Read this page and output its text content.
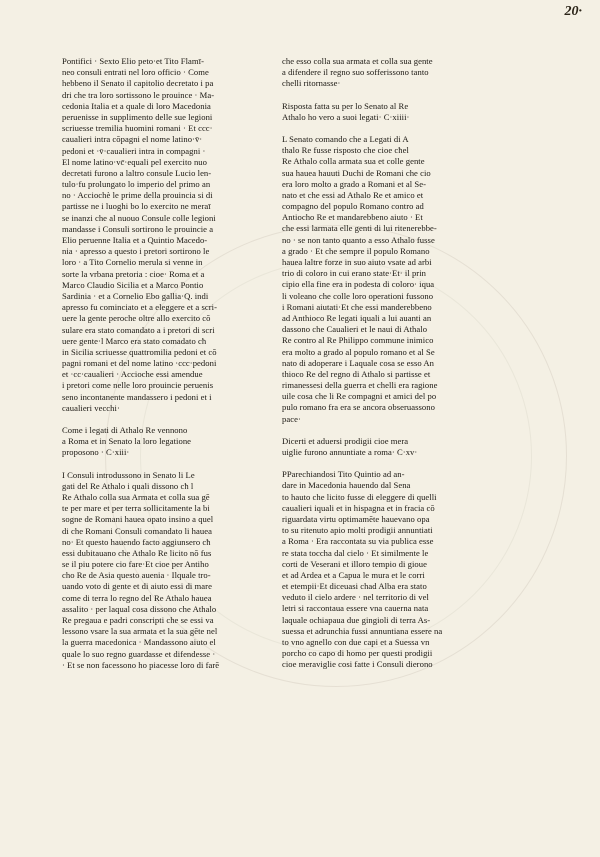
20·
Pontifici · Sexto Elio peto·et Tito Flamī-
neo consuli entrati nel loro officio · Come
hebbeno il Senato il capitolio decretato i pa
dri che tra loro sortissono le prouince · Ma-
cedonia Italia et a quale di loro Macedonia
peruenisse in supplimento delle sue legioni
scriuesse tremilia huomini romani · Et ccc·
caualieri intra cōpagni el nome latino·v̄·
pedoni et ·v̄·caualieri intra in compagni ·
El nome latino·vc̄·equali pel exercito nuo
decretati furono a laltro consule Lucio len-
tulo·fu prolungato lo imperio del primo an
no · Acciochè le prime della prouincia si di
partisse ne i luoghi bo lo exercito ne meraī
se inanzi che al nuouo Consule colle legioni
mandasse i Consuli sortirono le prouincie a
Elio peruenne Italia et a Quintio Macedo-
nia · apresso a questo i pretori sortirono le
loro · a Tito Cornelio merula si venne in
sorte la vrbana pretoria : cioe· Roma et a
Marco Claudio Sicilia et a Marco Pontio
Sardinia · et a Cornelio Ebo gallia·Q. indi
apresso fu cominciato et a eleggere et a scri-
uere la gente peroche oltre allo exercito cō
sulare era stato comandato a i pretori di scri
uere gente·l Marco era stato comadato cħ
in Sicilia scriuesse quattromilia pedoni et cō
pagni romani et del nome latino ·ccc·pedoni
et ·cc·caualieri · Accioche essi amendue
i pretori come nelle loro prouincie peruenis
seno incontanente mandassero i pedoni et i
caualieri vecchi·
Come i legati di Athalo Re vennono
a Roma et in Senato la loro legatione
proposono · C·xiii·
I Consuli introdussono in Senato li Le
gati del Re Athalo i quali dissono cħ l
Re Athalo colla sua Armata et colla sua gē
te per mare et per terra sollicitamente la bi
sogne de Romani hauea opato insino a quel
di che Romani Consuli comandato li hauea
no· Et questo hauendo facto aggiunsero cħ
essi dubitauano che Athalo Re licito nō fus
se il piu potere cio fare·Et cioe per Antiho
cho Re de Asia questo auenia · Ilquale tro-
uando voto di gente et di aiuto essi di mare
come di terra lo regno del Re Athalo hauea
assalito · per laqual cosa dissono che Athalo
Re pregaua e padri conscripti che se essi va
lessono vsare la sua armata et la sua gēte nel
la guerra macedonica · Mandassono aiuto el
quale lo suo regno guardasse et difendesse ·
· Et se non facessono ho piacesse loro di farē
che esso colla sua armata et colla sua gente
a difendere il regno suo sofferissono tanto
chelli ritornasse·
Risposta fatta su per lo Senato al Re
Athalo ho vero a suoi legati· C·xiiii·
L Senato comando che a Legati di A
thalo Re fusse risposto che cioe cħel
Re Athalo colla armata sua et colle gente
sua hauea hauuti Duchi de Romani che cio
era loro molto a grado a Romani et al Se-
nato et che essi ad Athalo Re et amico et
compagno del populo Romano contro ad
Antiocho Re et mandarebbeno aiuto · Et
che essi larmata elle genti di lui ritenerebbe-
no · se non tanto quanto a esso Athalo fusse
a grado · Et che sempre il populo Romano
hauea laltre forze in suo aiuto vsate ad arbi
trio di coloro in cui erano state·Et· il prin
cipio ella fine era in podesta di coloro· iqua
li voleano che colle loro operationi fussono
i Romani aiutati·Et che essi manderebbeno
ad Anthioco Re legati iquali a lui auanti an
dassono che Caualieri et le naui di Athalo
Re contro al Re Philippo commune inimico
era molto a grado al populo romano et al Se
nato di adoperare i Laquale cosa se esso An
thioco Re del regno di Athalo si partisse et
rimanessesi della guerra et chelli era ragione
uile cosa che li Re compagni et amici del po
pulo romano fra era se ancora obseruassono
pace·
Dicerti et aduersi prodigii cioe mera
uiglie furono annuntiate a roma· C·xv·
PParechiandosi Tito Quintio ad an-
dare in Macedonia hauendo dal Sena
to hauto che licito fusse di eleggere di quelli
caualieri iquali et in hispagna et in fracia cō
riguardata virtu optimamēte hauevano opa
to su ritenuto apio molti prodigii annuntiati
a Roma · Era raccontata su via publica esse
re stata toccha dal cielo · Et similmente le
corti de Veserani et illoro tempio di gioue
et ad Ardea et a Capua le mura et le corri
et etempii·Et diceuasi chad Alba era stato
veduto il cielo ardere · nel territorio di vel
letri si raccontaua essere vna cauerna nata
laquale ochiapaua due gingioli di terra As-
suessa et adrunchia fussi annuntiana essere na
to vno agnello con due capi et a Suessa vn
porcho co capo di homo per questi prodigii
cioe meraviglie cosi fatte i Consuli dierono
